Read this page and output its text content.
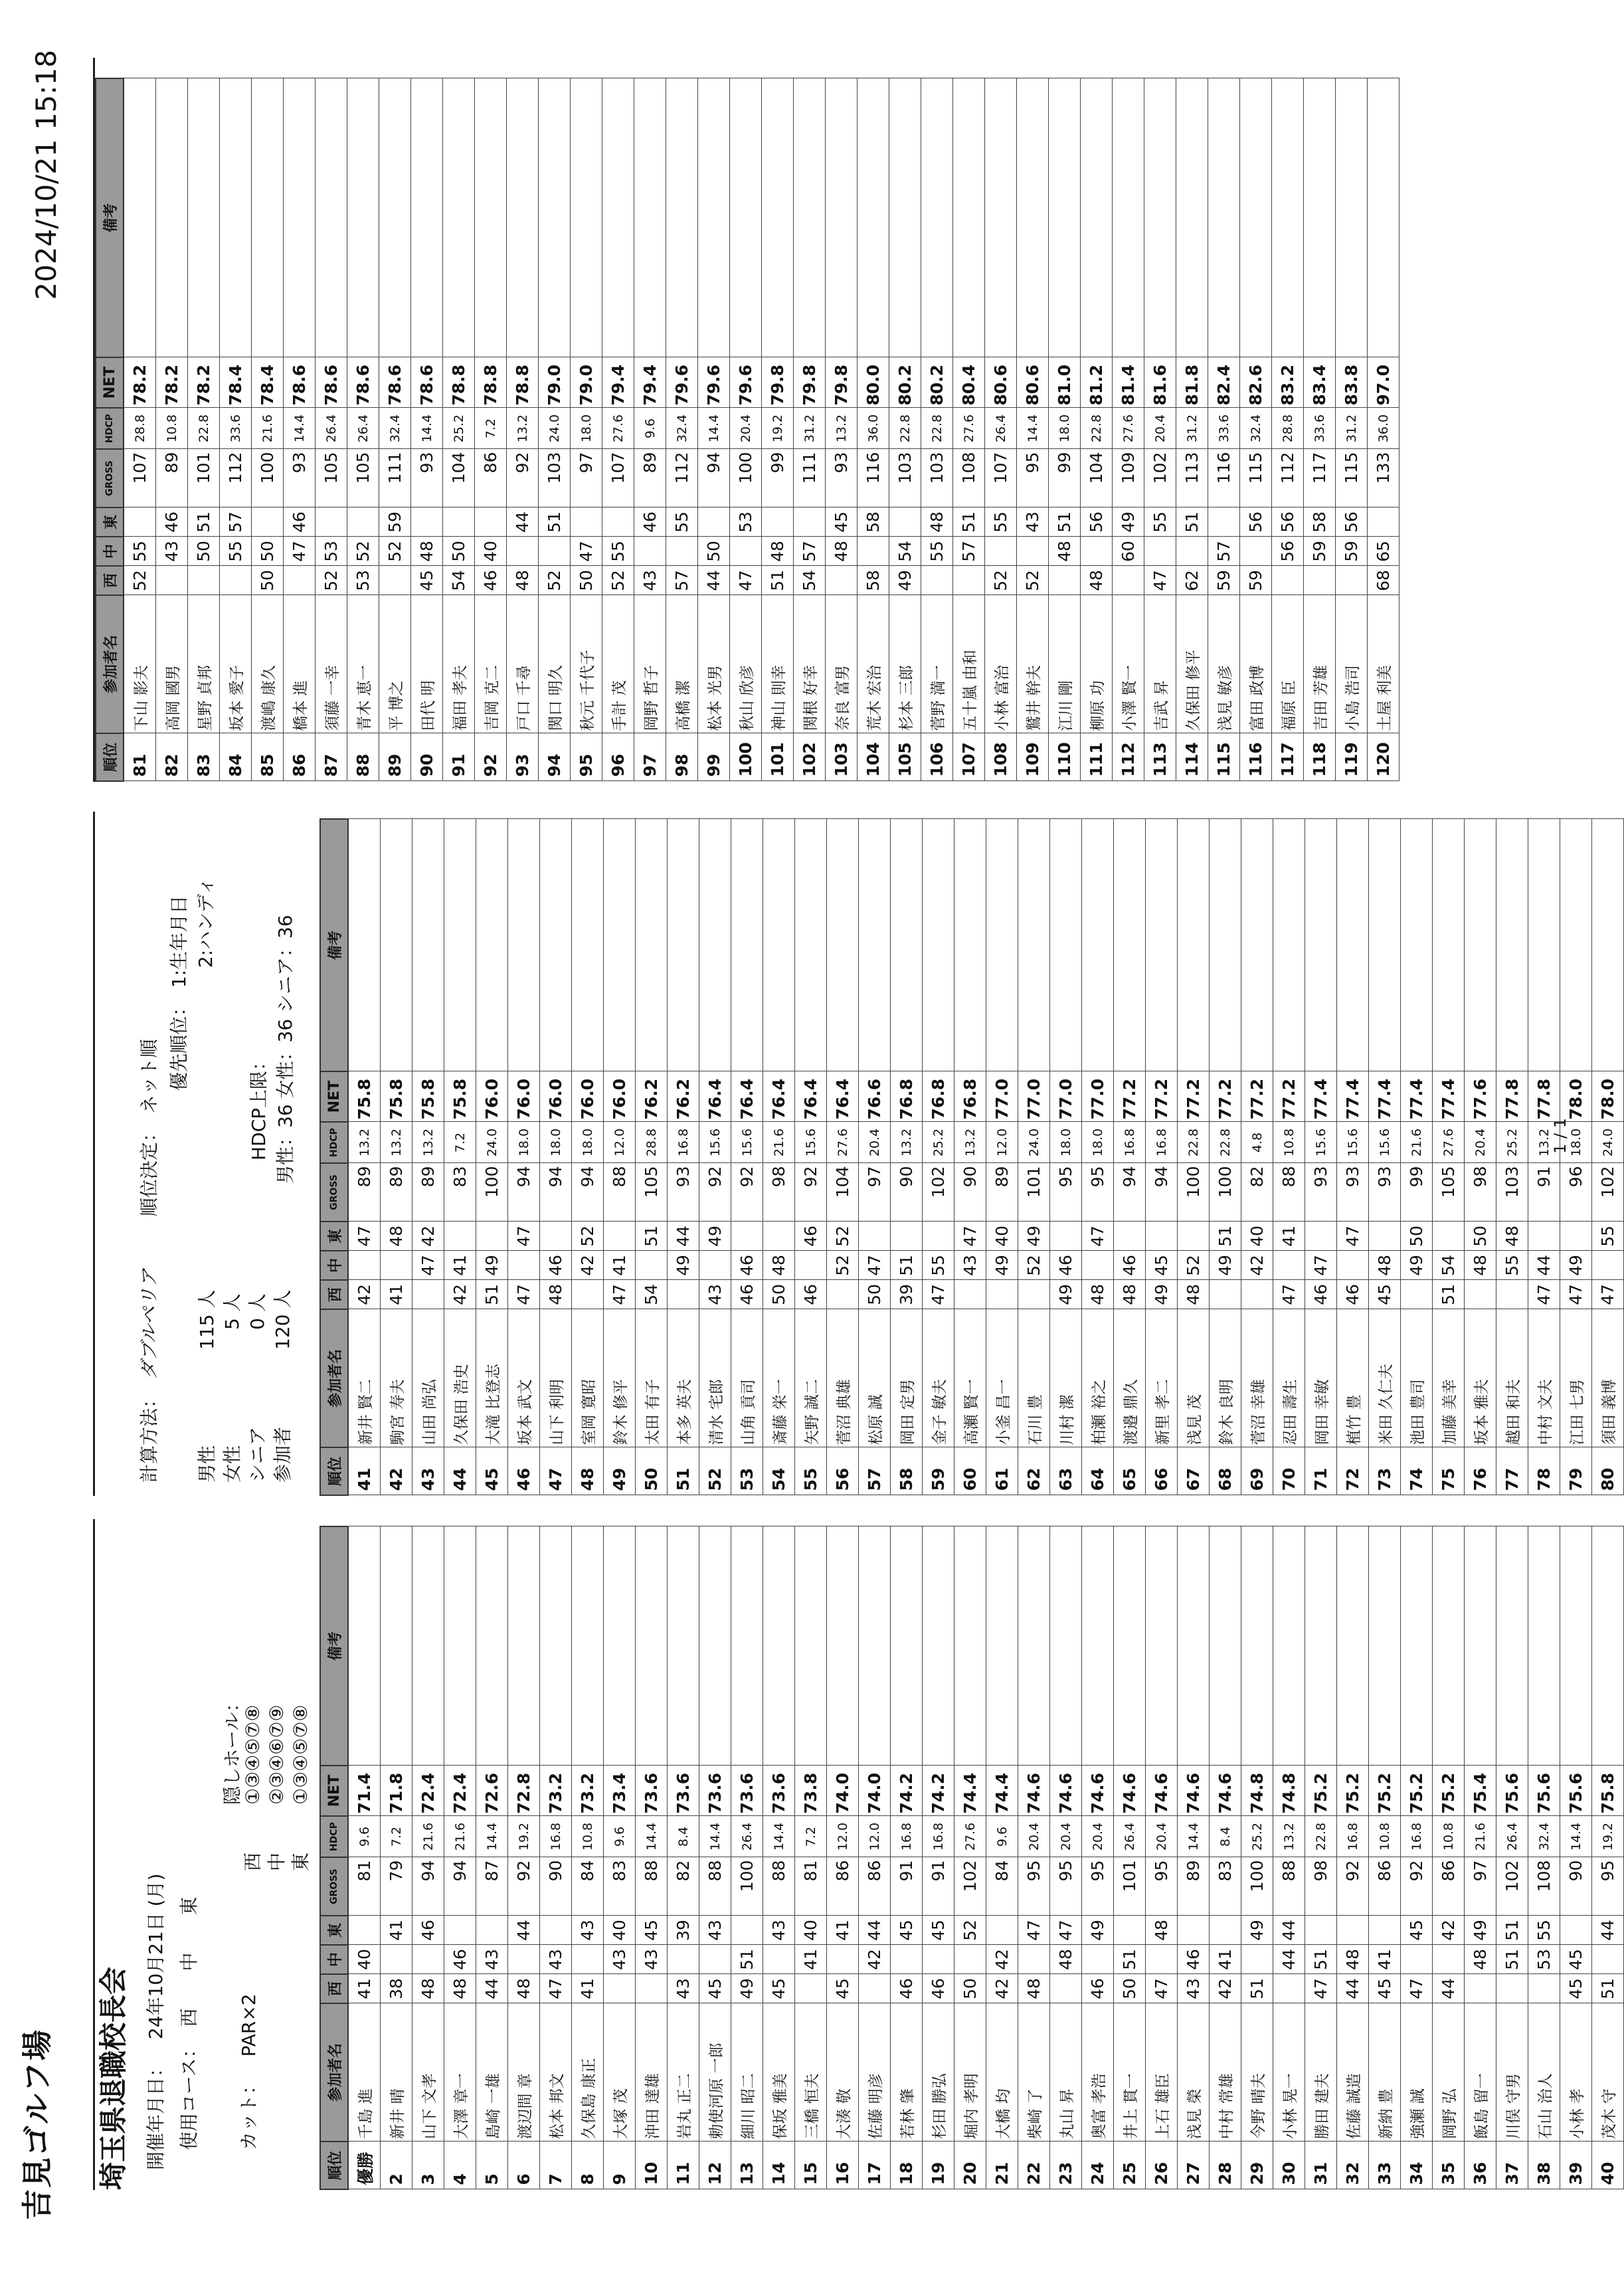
吉見ゴルフ場
2024/10/21 15:18
埼玉県退職校長会 開催年月日： 24年10月21日 (月)
使用コース： 西　　中　　東
カット： PAR×2
隠しホール：
西①③④⑤⑦⑧
中②③④⑥⑦⑨
東①③④⑤⑦⑧
順位	参加者名	西	中	東	GROSS	HDCP	NET	備考
優勝	千島 進	41	40		81	9.6	71.4	
2	新井 晴	38		41	79	7.2	71.8	
3	山下 文孝	48		46	94	21.6	72.4	
4	大澤 章一	48	46		94	21.6	72.4	
5	島崎 一雄	44	43		87	14.4	72.6	
6	渡辺間 章	48		44	92	19.2	72.8	
7	松本 邦文	47	43		90	16.8	73.2	
8	久保島 康正	41		43	84	10.8	73.2	
9	大塚 茂		43	40	83	9.6	73.4	
10	沖田 達雄		43	45	88	14.4	73.6	
11	岩丸 正二	43		39	82	8.4	73.6	
12	勅使河原 一郎	45		43	88	14.4	73.6	
13	細川 昭二	49	51		100	26.4	73.6	
14	保坂 雅美	45		43	88	14.4	73.6	
15	三橋 恒夫		41	40	81	7.2	73.8	
16	大湊 敬	45		41	86	12.0	74.0	
17	佐藤 明彦		42	44	86	12.0	74.0	
18	若林 肇	46		45	91	16.8	74.2	
19	杉田 勝弘	46		45	91	16.8	74.2	
20	堀内 孝明	50		52	102	27.6	74.4	
21	大橋 均	42	42		84	9.6	74.4	
22	柴崎 了	48		47	95	20.4	74.6	
23	丸山 昇		48	47	95	20.4	74.6	
24	奥富 孝浩	46		49	95	20.4	74.6	
25	井上 貫一	50	51		101	26.4	74.6	
26	上石 雄臣	47		48	95	20.4	74.6	
27	浅見 榮	43	46		89	14.4	74.6	
28	中村 常雄	42	41		83	8.4	74.6	
29	今野 晴夫	51		49	100	25.2	74.8	
30	小林 晃一		44	44	88	13.2	74.8	
31	勝田 建夫	47	51		98	22.8	75.2	
32	佐藤 誠造	44	48		92	16.8	75.2	
33	新納 豊	45	41		86	10.8	75.2	
34	強瀬 誠	47		45	92	16.8	75.2	
35	岡野 弘	44		42	86	10.8	75.2	
36	飯島 留一		48	49	97	21.6	75.4	
37	川俣 守男		51	51	102	26.4	75.6	
38	石山 治人		53	55	108	32.4	75.6	
39	小林 孝	45	45		90	14.4	75.6	
40	茂木 守	51		44	95	19.2	75.8	
計算方法： ダブルペリア 順位決定： ネット順 優先順位： 1:生年月日 2:ハンディ
男性115 人
女性5 人
シニア0 人
参加者120 人
HDCP上限： 男性：36 女性：36 シニア：36
順位	参加者名	西	中	東	GROSS	HDCP	NET	備考
41	新井 賢二	42		47	89	13.2	75.8	
42	駒宮 寿夫	41		48	89	13.2	75.8	
43	山田 尚弘		47	42	89	13.2	75.8	
44	久保田 浩史	42	41		83	7.2	75.8	
45	大滝 比登志	51	49		100	24.0	76.0	
46	坂本 武文	47		47	94	18.0	76.0	
47	山下 利明	48	46		94	18.0	76.0	
48	室岡 寛昭		42	52	94	18.0	76.0	
49	鈴木 修平	47	41		88	12.0	76.0	
50	太田 有子	54		51	105	28.8	76.2	
51	本多 英夫		49	44	93	16.8	76.2	
52	清水 宅郎	43		49	92	15.6	76.4	
53	山角 貢司	46	46		92	15.6	76.4	
54	斎藤 栄一	50	48		98	21.6	76.4	
55	矢野 誠二	46		46	92	15.6	76.4	
56	菅沼 典雄		52	52	104	27.6	76.4	
57	松原 誠	50	47		97	20.4	76.6	
58	岡田 定男	39	51		90	13.2	76.8	
59	金子 敏夫	47	55		102	25.2	76.8	
60	高瀬 賢一		43	47	90	13.2	76.8	
61	小釜 昌一		49	40	89	12.0	77.0	
62	石川 豊		52	49	101	24.0	77.0	
63	川村 潔	49	46		95	18.0	77.0	
64	柏瀬 裕之	48		47	95	18.0	77.0	
65	渡邉 鼎久	48	46		94	16.8	77.2	
66	新里 孝二	49	45		94	16.8	77.2	
67	浅見 茂	48	52		100	22.8	77.2	
68	鈴木 良明		49	51	100	22.8	77.2	
69	菅沼 幸雄		42	40	82	4.8	77.2	
70	忍田 壽生	47		41	88	10.8	77.2	
71	岡田 幸敏	46	47		93	15.6	77.4	
72	植竹 豊	46		47	93	15.6	77.4	
73	米田 久仁夫	45	48		93	15.6	77.4	
74	池田 豊司		49	50	99	21.6	77.4	
75	加藤 美幸	51	54		105	27.6	77.4	
76	坂本 雅夫		48	50	98	20.4	77.6	
77	越田 和夫		55	48	103	25.2	77.8	
78	中村 文夫	47	44		91	13.2	77.8	
79	江田 七男	47	49		96	18.0	78.0	
80	須田 義博	47		55	102	24.0	78.0	
順位	参加者名	西	中	東	GROSS	HDCP	NET	備考
81	下山 影夫	52	55		107	28.8	78.2	
82	高岡 國男		43	46	89	10.8	78.2	
83	星野 貞邦		50	51	101	22.8	78.2	
84	坂本 愛子		55	57	112	33.6	78.4	
85	渡嶋 康久	50	50		100	21.6	78.4	
86	橋本 進		47	46	93	14.4	78.6	
87	須藤 一幸	52	53		105	26.4	78.6	
88	青木 恵一	53	52		105	26.4	78.6	
89	平 博之		52	59	111	32.4	78.6	
90	田代 明	45	48		93	14.4	78.6	
91	福田 孝夫	54	50		104	25.2	78.8	
92	吉岡 克二	46	40		86	7.2	78.8	
93	戸口 千尋	48		44	92	13.2	78.8	
94	関口 明久	52		51	103	24.0	79.0	
95	秋元 千代子	50	47		97	18.0	79.0	
96	手計 茂	52	55		107	27.6	79.4	
97	岡野 哲子	43		46	89	9.6	79.4	
98	高橋 潔	57		55	112	32.4	79.6	
99	松本 光男	44	50		94	14.4	79.6	
100	秋山 欣彦	47		53	100	20.4	79.6	
101	神山 則幸	51	48		99	19.2	79.8	
102	関根 好幸	54	57		111	31.2	79.8	
103	奈良 富男		48	45	93	13.2	79.8	
104	荒木 宏治	58		58	116	36.0	80.0	
105	杉本 三郎	49	54		103	22.8	80.2	
106	菅野 満一		55	48	103	22.8	80.2	
107	五十嵐 由和		57	51	108	27.6	80.4	
108	小林 富治	52		55	107	26.4	80.6	
109	鷲井 幹夫	52		43	95	14.4	80.6	
110	江川 剛		48	51	99	18.0	81.0	
111	柳原 功	48		56	104	22.8	81.2	
112	小澤 賢一		60	49	109	27.6	81.4	
113	吉武 昇	47		55	102	20.4	81.6	
114	久保田 修平	62		51	113	31.2	81.8	
115	浅見 敏彦	59	57		116	33.6	82.4	
116	富田 政博	59		56	115	32.4	82.6	
117	福原 臣		56	56	112	28.8	83.2	
118	吉田 芳雄		59	58	117	33.6	83.4	
119	小島 浩司		59	56	115	31.2	83.8	
120	土屋 利美	68	65		133	36.0	97.0	
1 / 1
